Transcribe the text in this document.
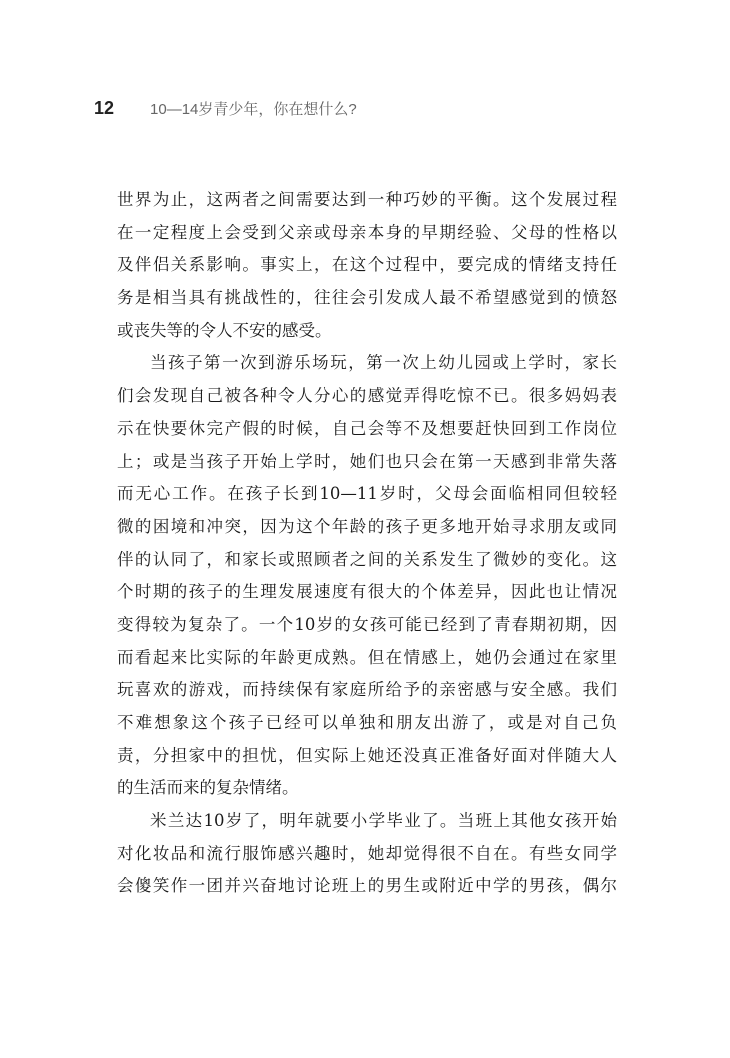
12 10—14岁青少年，你在想什么?
世界为止，这两者之间需要达到一种巧妙的平衡。这个发展过程
在一定程度上会受到父亲或母亲本身的早期经验、父母的性格以
及伴侣关系影响。事实上，在这个过程中，要完成的情绪支持任
务是相当具有挑战性的，往往会引发成人最不希望感觉到的愤怒
或丧失等的令人不安的感受。
当孩子第一次到游乐场玩，第一次上幼儿园或上学时，家长
们会发现自己被各种令人分心的感觉弄得吃惊不已。很多妈妈表
示在快要休完产假的时候，自己会等不及想要赶快回到工作岗位
上；或是当孩子开始上学时，她们也只会在第一天感到非常失落
而无心工作。在孩子长到10—11岁时，父母会面临相同但较轻
微的困境和冲突，因为这个年龄的孩子更多地开始寻求朋友或同
伴的认同了，和家长或照顾者之间的关系发生了微妙的变化。这
个时期的孩子的生理发展速度有很大的个体差异，因此也让情况
变得较为复杂了。一个10岁的女孩可能已经到了青春期初期，因
而看起来比实际的年龄更成熟。但在情感上，她仍会通过在家里
玩喜欢的游戏，而持续保有家庭所给予的亲密感与安全感。我们
不难想象这个孩子已经可以单独和朋友出游了，或是对自己负
责，分担家中的担忧，但实际上她还没真正准备好面对伴随大人
的生活而来的复杂情绪。
米兰达10岁了，明年就要小学毕业了。当班上其他女孩开始
对化妆品和流行服饰感兴趣时，她却觉得很不自在。有些女同学
会傻笑作一团并兴奋地讨论班上的男生或附近中学的男孩，偶尔
